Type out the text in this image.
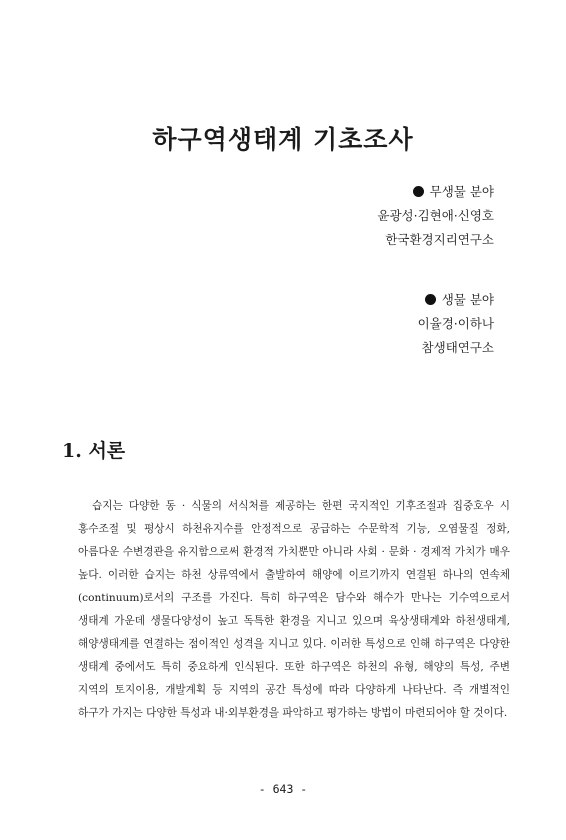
하구역생태계 기초조사
무생물 분야
윤광성·김현애·신영호
한국환경지리연구소
생물 분야
이율경·이하나
참생태연구소
1. 서론

습지는 다양한 동 · 식물의 서식처를 제공하는 한편 국지적인 기후조절과 집중호우 시 홍수조절 및 평상시 하천유지수를 안정적으로 공급하는 수문학적 기능, 오염물질 정화, 아름다운 수변경관을 유지함으로써 환경적 가치뿐만 아니라 사회 · 문화 · 경제적 가치가 매우 높다. 이러한 습지는 하천 상류역에서 출발하여 해양에 이르기까지 연결된 하나의 연속체(continuum)로서의 구조를 가진다. 특히 하구역은 담수와 해수가 만나는 기수역으로서 생태계 가운데 생물다양성이 높고 독특한 환경을 지니고 있으며 육상생태계와 하천생태계, 해양생태계를 연결하는 점이적인 성격을 지니고 있다. 이러한 특성으로 인해 하구역은 다양한 생태계 중에서도 특히 중요하게 인식된다. 또한 하구역은 하천의 유형, 해양의 특성, 주변 지역의 토지이용, 개발계획 등 지역의 공간 특성에 따라 다양하게 나타난다. 즉 개별적인 하구가 가지는 다양한 특성과 내·외부환경을 파악하고 평가하는 방법이 마련되어야 할 것이다.

- 643 -
